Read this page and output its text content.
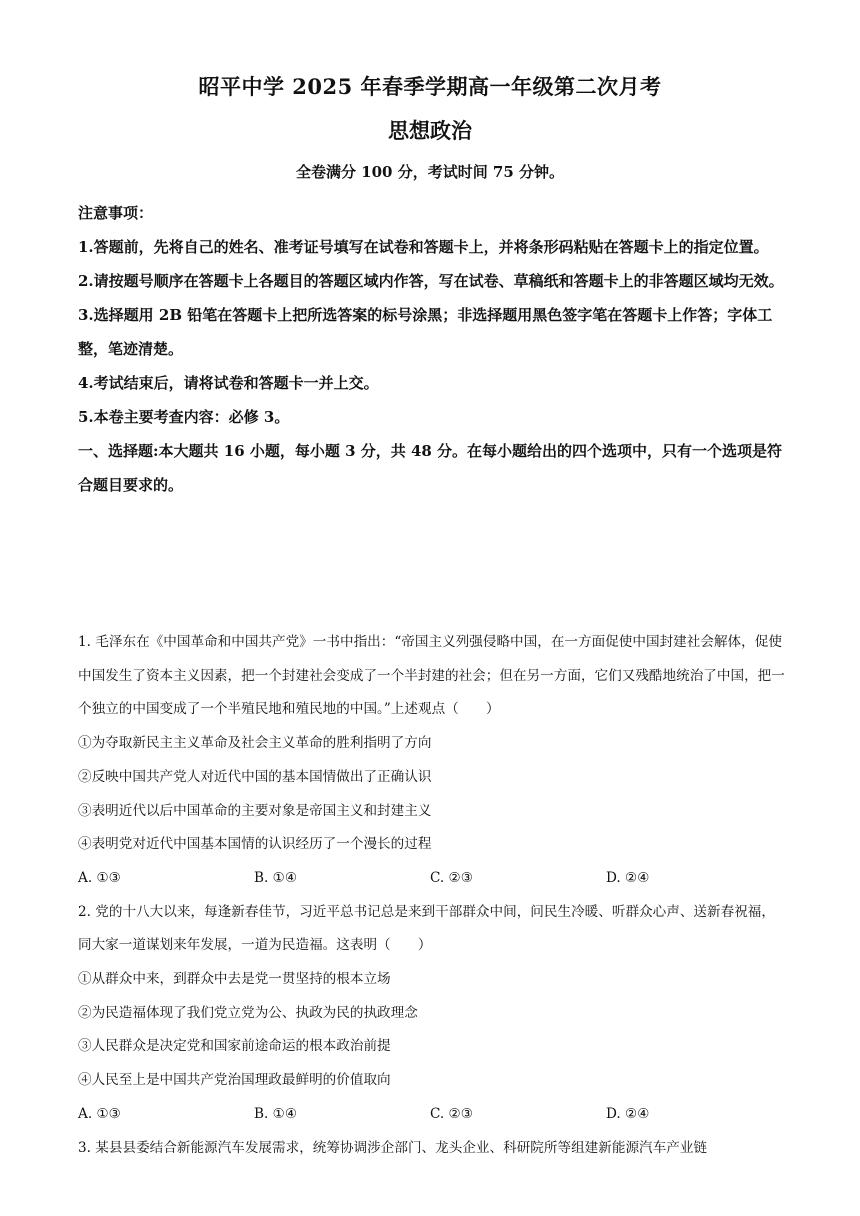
昭平中学 2025 年春季学期高一年级第二次月考
思想政治
全卷满分 100 分，考试时间 75 分钟。

注意事项：

1.答题前，先将自己的姓名、准考证号填写在试卷和答题卡上，并将条形码粘贴在答题卡上的指定位置。

2.请按题号顺序在答题卡上各题目的答题区域内作答，写在试卷、草稿纸和答题卡上的非答题区域均无效。

3.选择题用 2B 铅笔在答题卡上把所选答案的标号涂黑；非选择题用黑色签字笔在答题卡上作答；字体工整，笔迹清楚。

4.考试结束后，请将试卷和答题卡一并上交。

5.本卷主要考查内容：必修 3。

一、选择题:本大题共 16 小题，每小题 3 分，共 48 分。在每小题给出的四个选项中，只有一个选项是符合题目要求的。

1. 毛泽东在《中国革命和中国共产党》一书中指出：“帝国主义列强侵略中国，在一方面促使中国封建社会解体，促使中国发生了资本主义因素，把一个封建社会变成了一个半封建的社会；但在另一方面，它们又残酷地统治了中国，把一个独立的中国变成了一个半殖民地和殖民地的中国。”上述观点（　　）

①为夺取新民主主义革命及社会主义革命的胜利指明了方向

②反映中国共产党人对近代中国的基本国情做出了正确认识

③表明近代以后中国革命的主要对象是帝国主义和封建主义

④表明党对近代中国基本国情的认识经历了一个漫长的过程

A. ①③	B. ①④	C. ②③	D. ②④

2. 党的十八大以来，每逢新春佳节，习近平总书记总是来到干部群众中间，问民生冷暖、听群众心声、送新春祝福，同大家一道谋划来年发展，一道为民造福。这表明（　　）

①从群众中来，到群众中去是党一贯坚持的根本立场

②为民造福体现了我们党立党为公、执政为民的执政理念

③人民群众是决定党和国家前途命运的根本政治前提

④人民至上是中国共产党治国理政最鲜明的价值取向

A. ①③	B. ①④	C. ②③	D. ②④

3. 某县县委结合新能源汽车发展需求，统筹协调涉企部门、龙头企业、科研院所等组建新能源汽车产业链
